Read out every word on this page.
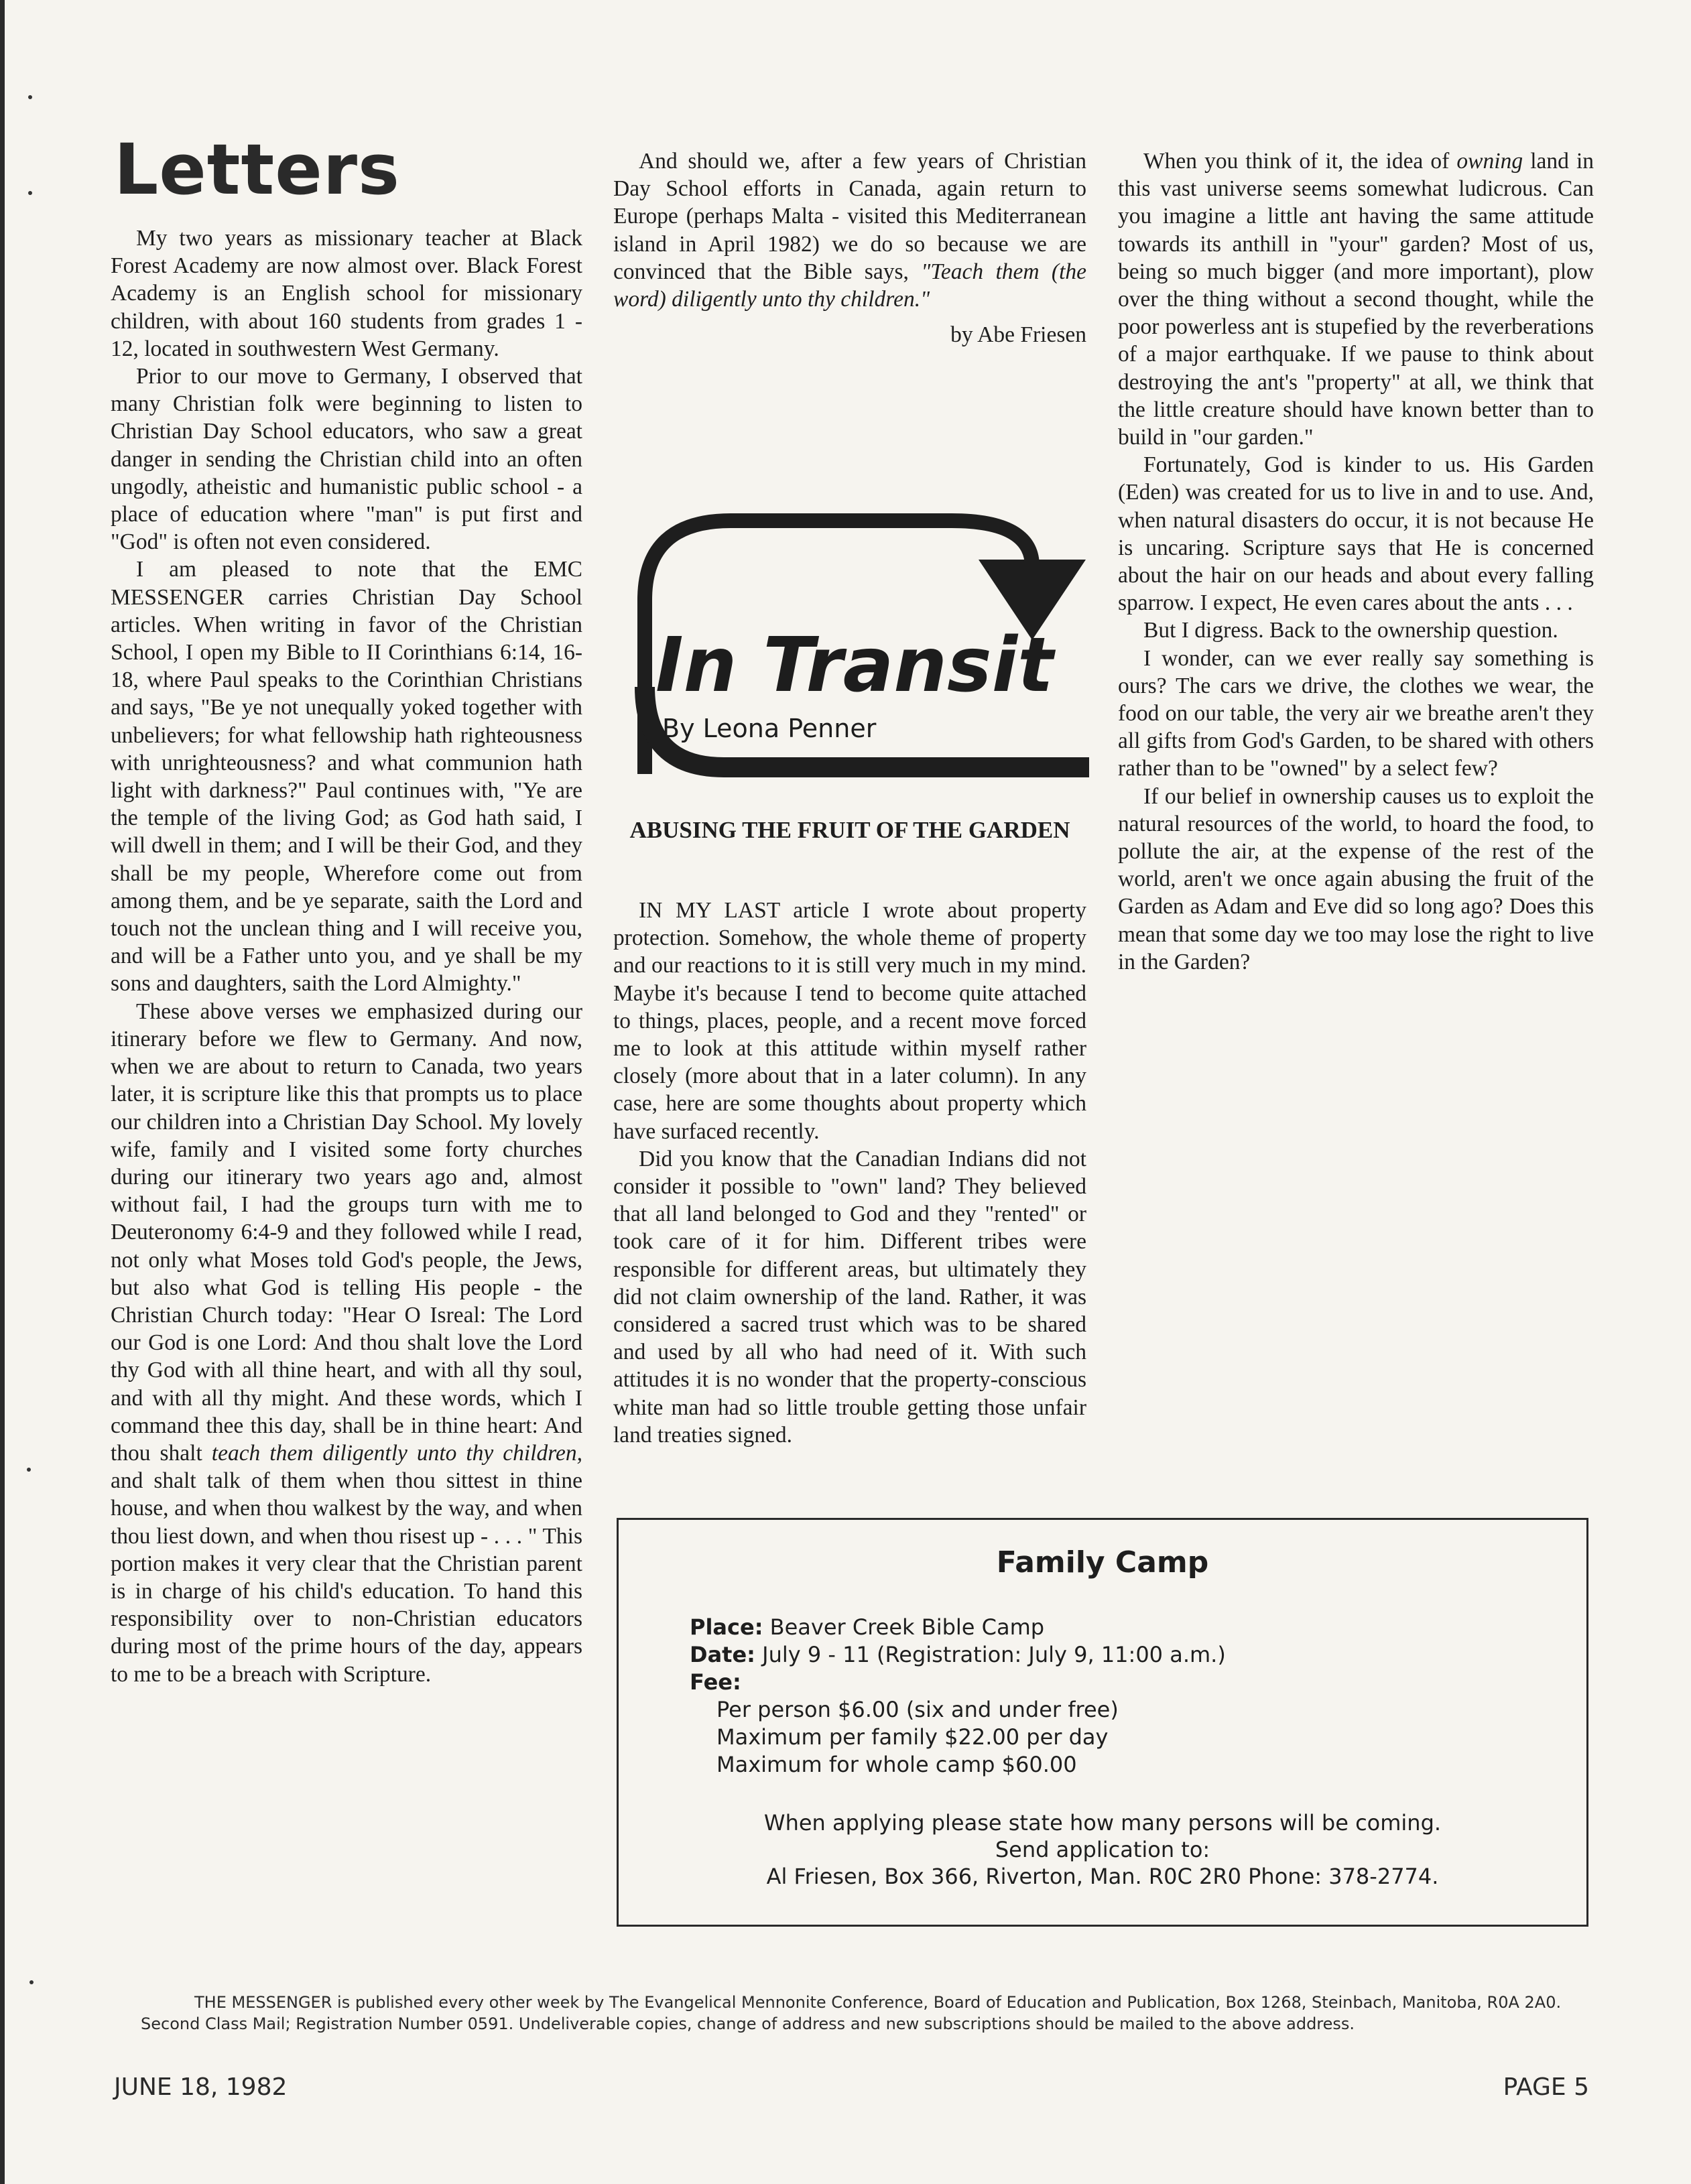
Letters

My two years as missionary teacher at Black Forest Academy are now almost over. Black Forest Academy is an English school for missionary children, with about 160 students from grades 1 - 12, located in southwestern West Germany.

Prior to our move to Germany, I observed that many Christian folk were beginning to listen to Christian Day School educators, who saw a great danger in sending the Christian child into an often ungodly, atheistic and humanistic public school - a place of education where "man" is put first and "God" is often not even considered.

I am pleased to note that the EMC MESSENGER carries Christian Day School articles. When writing in favor of the Christian School, I open my Bible to II Corinthians 6:14, 16-18, where Paul speaks to the Corinthian Christians and says, "Be ye not unequally yoked together with unbelievers; for what fellowship hath righteousness with unrighteousness? and what communion hath light with darkness?" Paul continues with, "Ye are the temple of the living God; as God hath said, I will dwell in them; and I will be their God, and they shall be my people, Wherefore come out from among them, and be ye separate, saith the Lord and touch not the unclean thing and I will receive you, and will be a Father unto you, and ye shall be my sons and daughters, saith the Lord Almighty."

These above verses we emphasized during our itinerary before we flew to Germany. And now, when we are about to return to Canada, two years later, it is scripture like this that prompts us to place our children into a Christian Day School. My lovely wife, family and I visited some forty churches during our itinerary two years ago and, almost without fail, I had the groups turn with me to Deuteronomy 6:4-9 and they followed while I read, not only what Moses told God's people, the Jews, but also what God is telling His people - the Christian Church today: "Hear O Isreal: The Lord our God is one Lord: And thou shalt love the Lord thy God with all thine heart, and with all thy soul, and with all thy might. And these words, which I command thee this day, shall be in thine heart: And thou shalt teach them diligently unto thy children, and shalt talk of them when thou sittest in thine house, and when thou walkest by the way, and when thou liest down, and when thou risest up - . . . " This portion makes it very clear that the Christian parent is in charge of his child's education. To hand this responsibility over to non-Christian educators during most of the prime hours of the day, appears to me to be a breach with Scripture.

And should we, after a few years of Christian Day School efforts in Canada, again return to Europe (perhaps Malta - visited this Mediterranean island in April 1982) we do so because we are convinced that the Bible says, "Teach them (the word) diligently unto thy children."

by Abe Friesen
In Transit
By Leona Penner
ABUSING THE FRUIT OF THE GARDEN

IN MY LAST article I wrote about property protection. Somehow, the whole theme of property and our reactions to it is still very much in my mind. Maybe it's because I tend to become quite attached to things, places, people, and a recent move forced me to look at this attitude within myself rather closely (more about that in a later column). In any case, here are some thoughts about property which have surfaced recently.

Did you know that the Canadian Indians did not consider it possible to "own" land? They believed that all land belonged to God and they "rented" or took care of it for him. Different tribes were responsible for different areas, but ultimately they did not claim ownership of the land. Rather, it was considered a sacred trust which was to be shared and used by all who had need of it. With such attitudes it is no wonder that the property-conscious white man had so little trouble getting those unfair land treaties signed.

When you think of it, the idea of owning land in this vast universe seems somewhat ludicrous. Can you imagine a little ant having the same attitude towards its anthill in "your" garden? Most of us, being so much bigger (and more important), plow over the thing without a second thought, while the poor powerless ant is stupefied by the reverberations of a major earthquake. If we pause to think about destroying the ant's "property" at all, we think that the little creature should have known better than to build in "our garden."

Fortunately, God is kinder to us. His Garden (Eden) was created for us to live in and to use. And, when natural disasters do occur, it is not because He is uncaring. Scripture says that He is concerned about the hair on our heads and about every falling sparrow. I expect, He even cares about the ants . . .

But I digress. Back to the ownership question.

I wonder, can we ever really say something is ours? The cars we drive, the clothes we wear, the food on our table, the very air we breathe aren't they all gifts from God's Garden, to be shared with others rather than to be "owned" by a select few?

If our belief in ownership causes us to exploit the natural resources of the world, to hoard the food, to pollute the air, at the expense of the rest of the world, aren't we once again abusing the fruit of the Garden as Adam and Eve did so long ago? Does this mean that some day we too may lose the right to live in the Garden?

Family Camp
Place: Beaver Creek Bible Camp
Date: July 9 - 11 (Registration: July 9, 11:00 a.m.)
Fee:
Per person $6.00 (six and under free)
Maximum per family $22.00 per day
Maximum for whole camp $60.00
When applying please state how many persons will be coming.
Send application to:
Al Friesen, Box 366, Riverton, Man. R0C 2R0 Phone: 378-2774.
THE MESSENGER is published every other week by The Evangelical Mennonite Conference, Board of Education and Publication, Box 1268, Steinbach, Manitoba, R0A 2A0. Second Class Mail; Registration Number 0591. Undeliverable copies, change of address and new subscriptions should be mailed to the above address.
JUNE 18, 1982	PAGE 5
